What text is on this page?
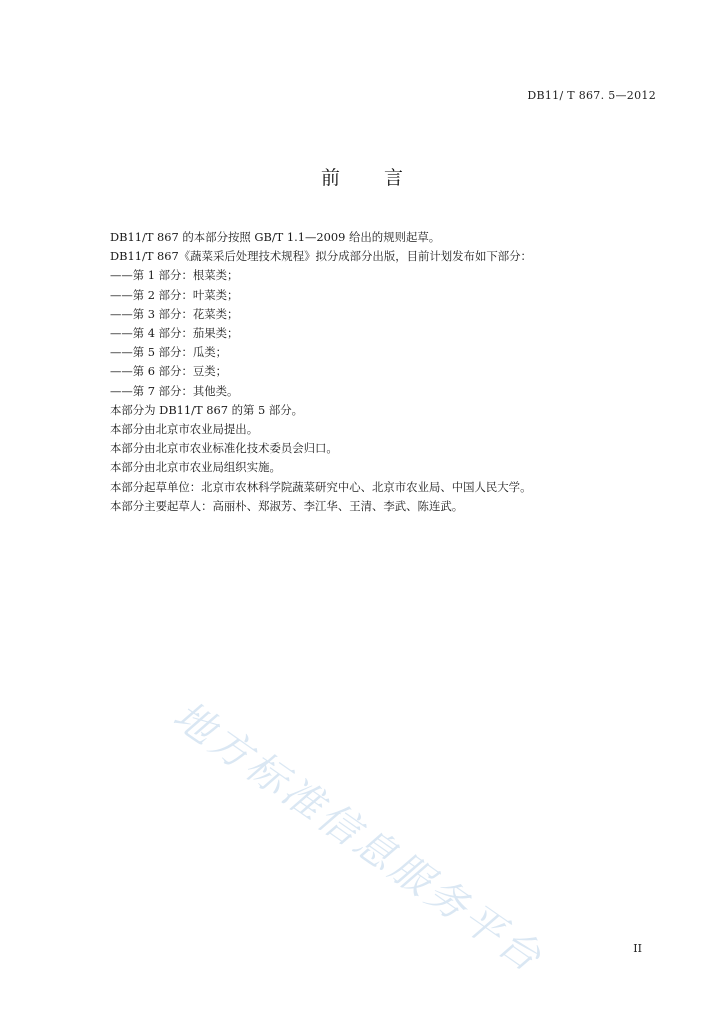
DB11/ T 867. 5—2012
前 言
DB11/T 867 的本部分按照 GB/T 1.1—2009 给出的规则起草。
DB11/T 867《蔬菜采后处理技术规程》拟分成部分出版，目前计划发布如下部分：
——第 1 部分：根菜类；
——第 2 部分：叶菜类；
——第 3 部分：花菜类；
——第 4 部分：茄果类；
——第 5 部分：瓜类；
——第 6 部分：豆类；
——第 7 部分：其他类。
本部分为 DB11/T 867 的第 5 部分。
本部分由北京市农业局提出。
本部分由北京市农业标准化技术委员会归口。
本部分由北京市农业局组织实施。
本部分起草单位：北京市农林科学院蔬菜研究中心、北京市农业局、中国人民大学。
本部分主要起草人：高丽朴、郑淑芳、李江华、王清、李武、陈连武。
地方标准信息服务平台	II
